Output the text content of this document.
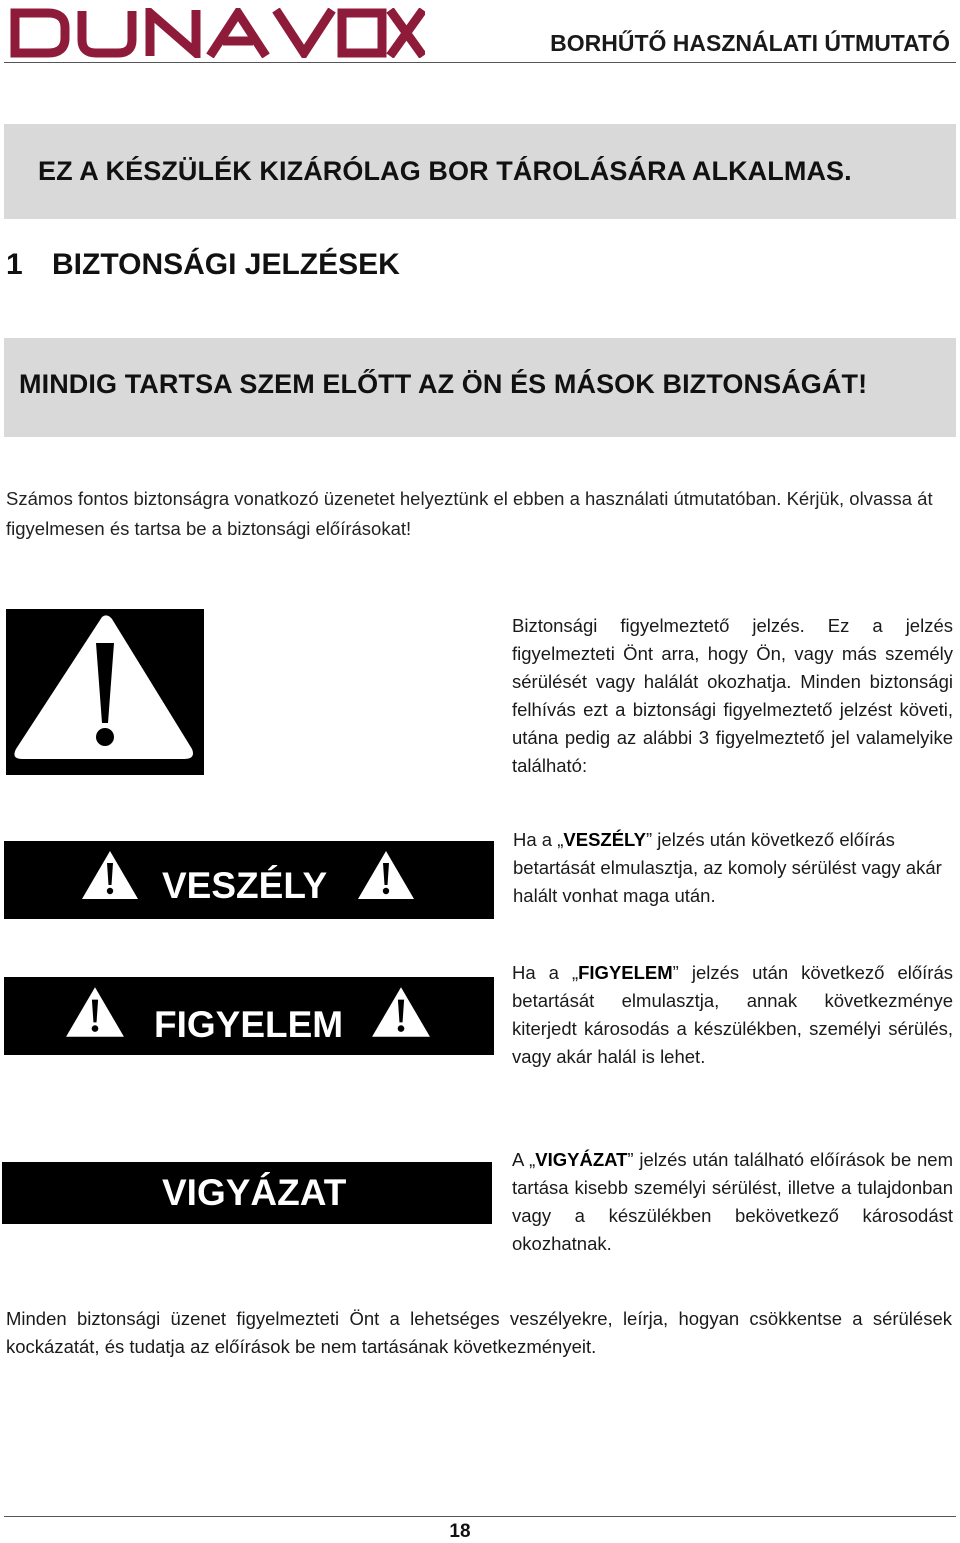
BORHŰTŐ HASZNÁLATI ÚTMUTATÓ
EZ A KÉSZÜLÉK KIZÁRÓLAG BOR TÁROLÁSÁRA ALKALMAS.
1 BIZTONSÁGI JELZÉSEK
MINDIG TARTSA SZEM ELŐTT AZ ÖN ÉS MÁSOK BIZTONSÁGÁT!
Számos fontos biztonságra vonatkozó üzenetet helyeztünk el ebben a használati útmutatóban. Kérjük, olvassa át figyelmesen és tartsa be a biztonsági előírásokat!
Biztonsági figyelmeztető jelzés. Ez a jelzés figyelmezteti Önt arra, hogy Ön, vagy más személy sérülését vagy halálát okozhatja. Minden biztonsági felhívás ezt a biztonsági figyelmeztető jelzést követi, utána pedig az alábbi 3 figyelmeztető jel valamelyike található:
VESZÉLY
Ha a „VESZÉLY” jelzés után következő előírás betartását elmulasztja, az komoly sérülést vagy akár halált vonhat maga után.
FIGYELEM
Ha a „FIGYELEM” jelzés után következő előírás betartását elmulasztja, annak következménye kiterjedt károsodás a készülékben, személyi sérülés, vagy akár halál is lehet.
VIGYÁZAT
A „VIGYÁZAT” jelzés után található előírások be nem tartása kisebb személyi sérülést, illetve a tulajdonban vagy a készülékben bekövetkező károsodást okozhatnak.
Minden biztonsági üzenet figyelmezteti Önt a lehetséges veszélyekre, leírja, hogyan csökkentse a sérülések kockázatát, és tudatja az előírások be nem tartásának következményeit.
18
